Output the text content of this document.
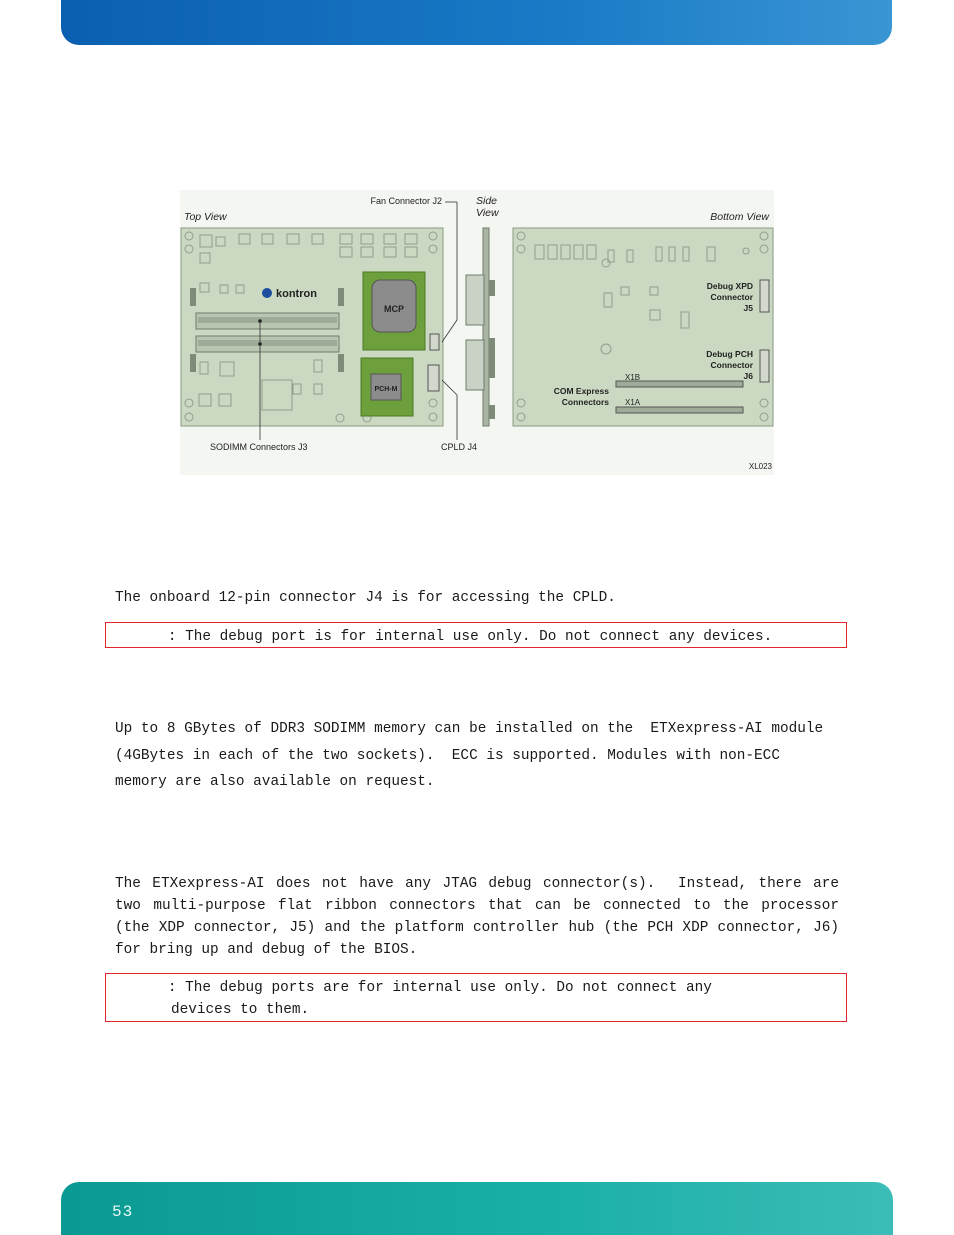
kontron
MCP
PCH-M
Top View
Side
View	Bottom View
Fan Connector J2
SODIMM Connectors J3	CPLD J4
Debug XPD
Connector
J5
Debug PCH
Connector
J6
COM Express
Connectors
X1B
X1A
XL023
The onboard 12-pin connector J4 is for accessing the CPLD.
: The debug port is for internal use only. Do not connect any devices.
Up to 8 GBytes of DDR3 SODIMM memory can be installed on the  ETXexpress-AI module (4GBytes in each of the two sockets).  ECC is supported. Modules with non-ECC memory are also available on request.
The ETXexpress-AI does not have any JTAG debug connector(s).  Instead, there are two multi-purpose flat ribbon connectors that can be connected to the processor (the XDP connector, J5) and the platform controller hub (the PCH XDP connector, J6) for bring up and debug of the BIOS.
: The debug ports are for internal use only. Do not connect any
devices to them.
53
